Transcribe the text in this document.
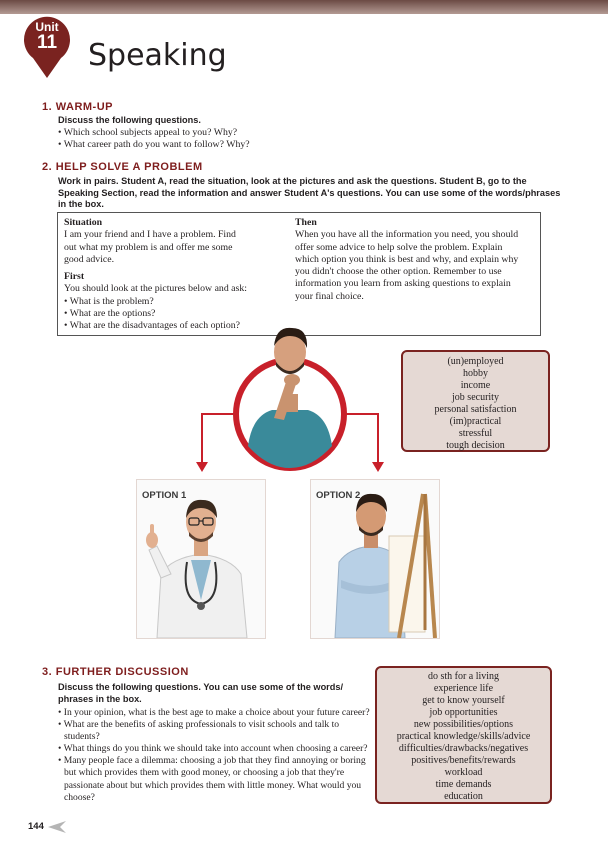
Unit
11	Speaking
1. WARM-UP
Discuss the following questions.
• Which school subjects appeal to you? Why?
• What career path do you want to follow? Why?
2. HELP SOLVE A PROBLEM
Work in pairs. Student A, read the situation, look at the pictures and ask the questions. Student B, go to the
Speaking Section, read the information and answer Student A's questions. You can use some of the words/phrases
in the box.
Situation
I am your friend and I have a problem. Find
out what my problem is and offer me some
good advice.
First
You should look at the pictures below and ask:
• What is the problem?
• What are the options?
• What are the disadvantages of each option?
Then
When you have all the information you need, you should
offer some advice to help solve the problem. Explain
which option you think is best and why, and explain why
you didn't choose the other option. Remember to use
information you learn from asking questions to explain
your final choice.
(un)employed
hobby
income
job security
personal satisfaction
(im)practical
stressful
tough decision
OPTION 1	OPTION 2
3. FURTHER DISCUSSION
Discuss the following questions. You can use some of the words/
phrases in the box.
• In your opinion, what is the best age to make a choice about your future career?
• What are the benefits of asking professionals to visit schools and talk to
students?
• What things do you think we should take into account when choosing a career?
• Many people face a dilemma: choosing a job that they find annoying or boring
but which provides them with good money, or choosing a job that they're
passionate about but which provides them with little money. What would you
choose?
do sth for a living
experience life
get to know yourself
job opportunities
new possibilities/options
practical knowledge/skills/advice
difficulties/drawbacks/negatives
positives/benefits/rewards
workload
time demands
education
144
